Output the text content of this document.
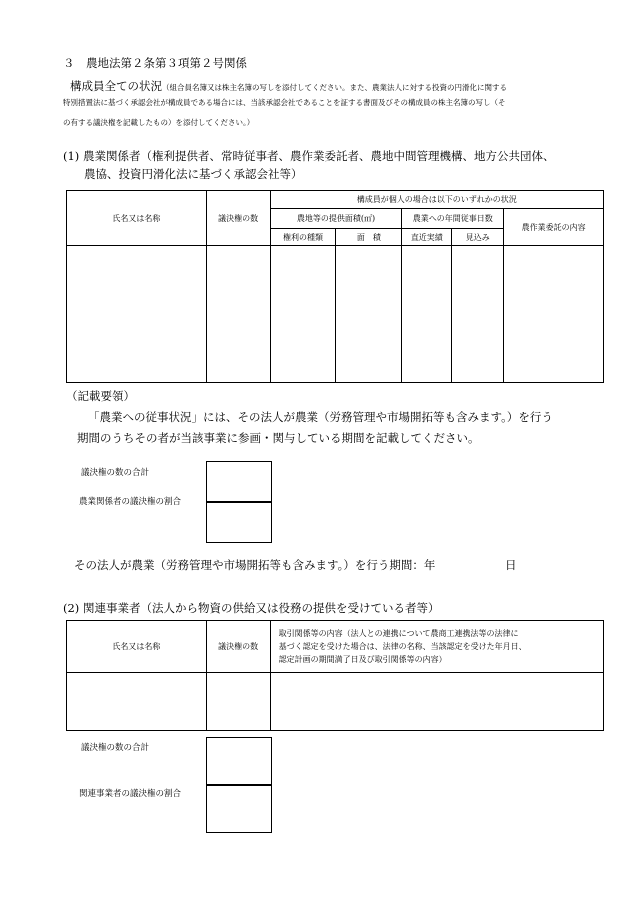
３　農地法第２条第３項第２号関係
構成員全ての状況（組合員名簿又は株主名簿の写しを添付してください。また、農業法人に対する投資の円滑化に関する
特別措置法に基づく承認会社が構成員である場合には、当該承認会社であることを証する書面及びその構成員の株主名簿の写し（そ
の有する議決権を記載したもの）を添付してください。）
(1) 農業関係者（権利提供者、常時従事者、農作業委託者、農地中間管理機構、地方公共団体、
農協、投資円滑化法に基づく承認会社等）
氏名又は名称	議決権の数	構成員が個人の場合は以下のいずれかの状況				
		農地等の提供面積(㎡)		農業への年間従事日数		農作業委託の内容
		権利の種類	面　積	直近実績	見込み	

（記載要領）
「農業への従事状況」には、その法人が農業（労務管理や市場開拓等も含みます。）を行う
期間のうちその者が当該事業に参画・関与している期間を記載してください。
議決権の数の合計
農業関係者の議決権の割合
その法人が農業（労務管理や市場開拓等も含みます。）を行う期間：年	日
(2) 関連事業者（法人から物資の供給又は役務の提供を受けている者等）
氏名又は名称	議決権の数	取引関係等の内容（法人との連携について農商工連携法等の法律に
基づく認定を受けた場合は、法律の名称、当該認定を受けた年月日、
認定計画の期間満了日及び取引関係等の内容）

議決権の数の合計
関連事業者の議決権の割合
